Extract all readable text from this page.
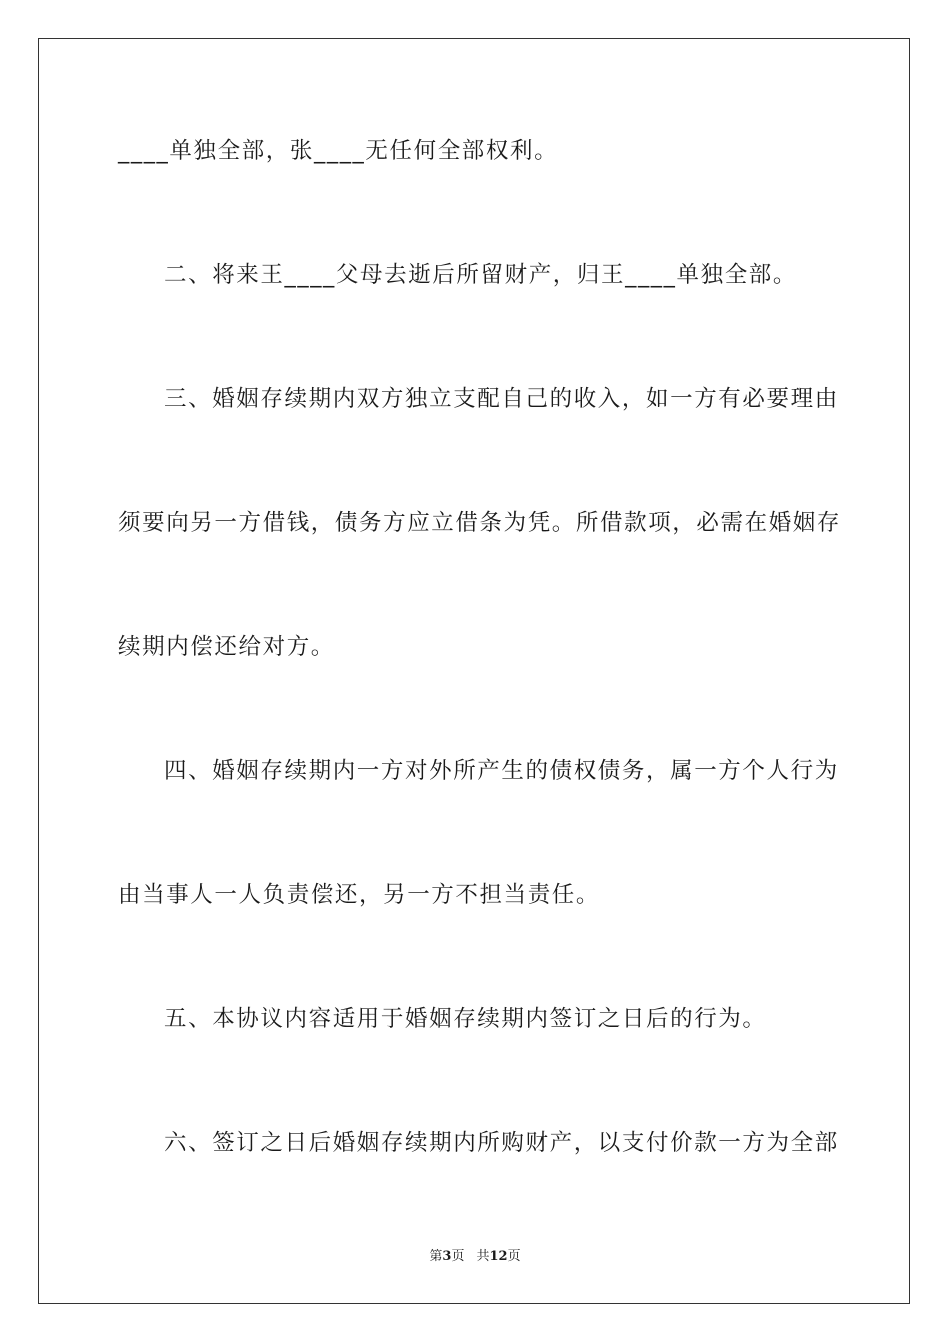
____单独全部，张____无任何全部权利。
二、将来王____父母去逝后所留财产，归王____单独全部。
三、婚姻存续期内双方独立支配自己的收入，如一方有必要理由
须要向另一方借钱，债务方应立借条为凭。所借款项，必需在婚姻存
续期内偿还给对方。
四、婚姻存续期内一方对外所产生的债权债务，属一方个人行为
由当事人一人负责偿还，另一方不担当责任。
五、本协议内容适用于婚姻存续期内签订之日后的行为。
六、签订之日后婚姻存续期内所购财产，以支付价款一方为全部
第3页 共12页
